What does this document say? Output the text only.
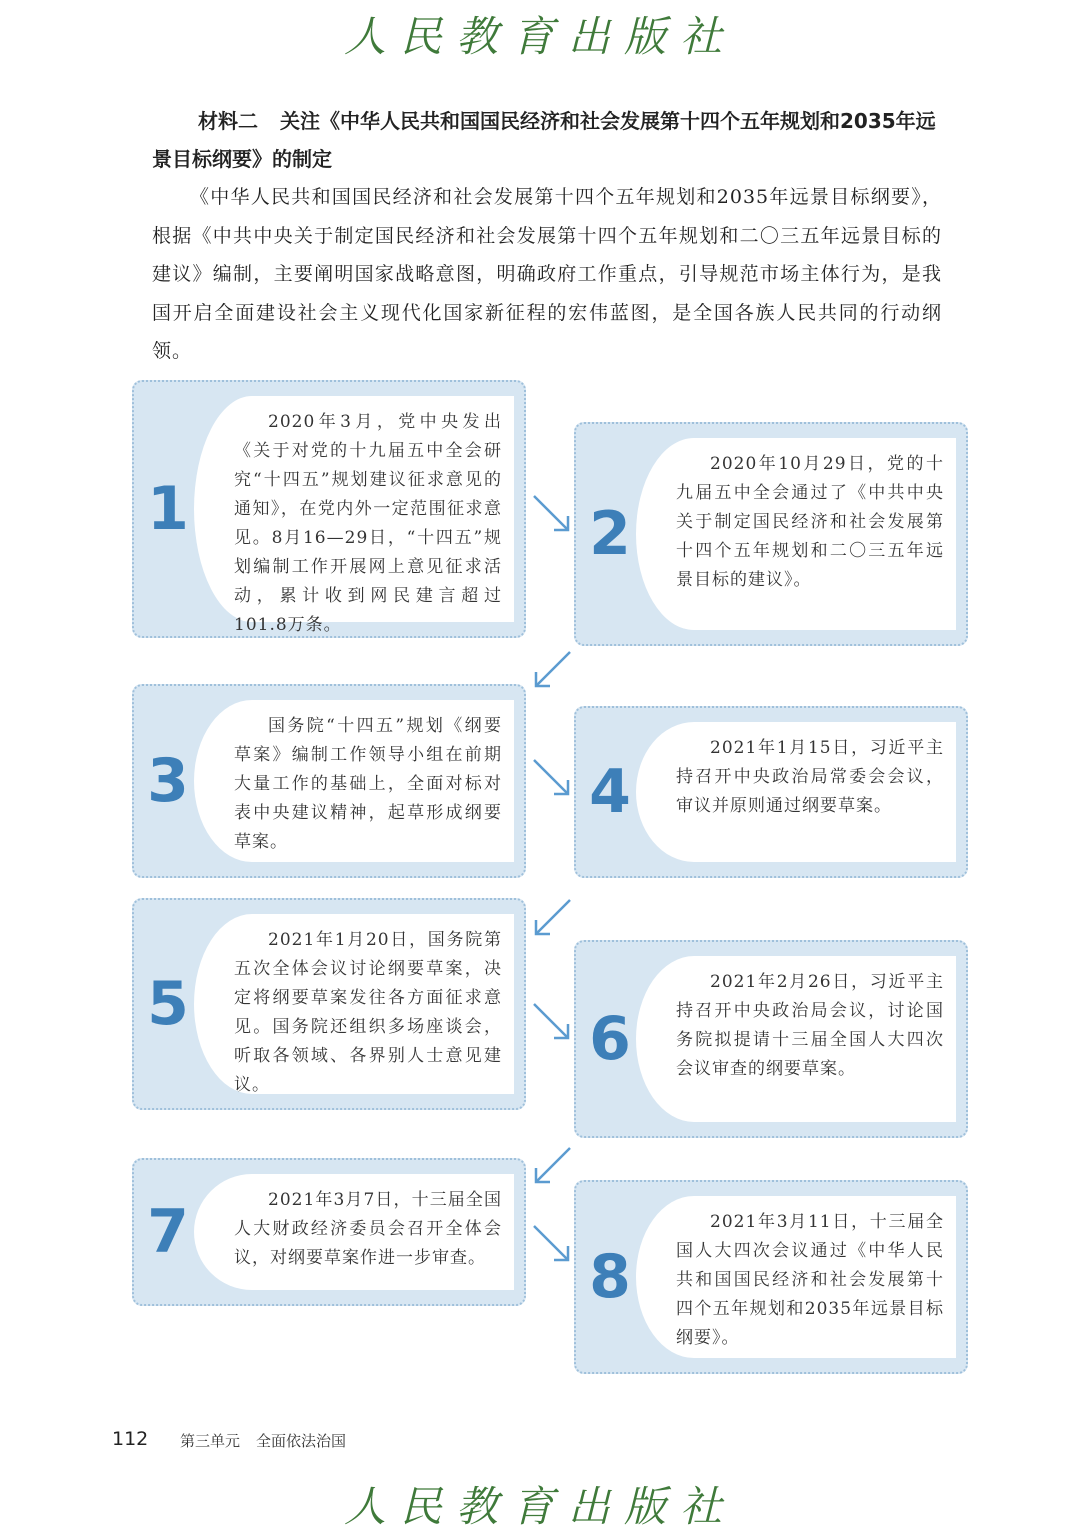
人民教育出版社
材料二 关注《中华人民共和国国民经济和社会发展第十四个五年规划和2035年远景目标纲要》的制定
《中华人民共和国国民经济和社会发展第十四个五年规划和2035年远景目标纲要》，根据《中共中央关于制定国民经济和社会发展第十四个五年规划和二〇三五年远景目标的建议》编制，主要阐明国家战略意图，明确政府工作重点，引导规范市场主体行为，是我国开启全面建设社会主义现代化国家新征程的宏伟蓝图，是全国各族人民共同的行动纲领。
1
2020年3月，党中央发出《关于对党的十九届五中全会研究“十四五”规划建议征求意见的通知》，在党内外一定范围征求意见。8月16—29日，“十四五”规划编制工作开展网上意见征求活动，累计收到网民建言超过101.8万条。
2
2020年10月29日，党的十九届五中全会通过了《中共中央关于制定国民经济和社会发展第十四个五年规划和二〇三五年远景目标的建议》。
3
国务院“十四五”规划《纲要草案》编制工作领导小组在前期大量工作的基础上，全面对标对表中央建议精神，起草形成纲要草案。
4
2021年1月15日，习近平主持召开中央政治局常委会会议，审议并原则通过纲要草案。
5
2021年1月20日，国务院第五次全体会议讨论纲要草案，决定将纲要草案发往各方面征求意见。国务院还组织多场座谈会，听取各领域、各界别人士意见建议。
6
2021年2月26日，习近平主持召开中央政治局会议，讨论国务院拟提请十三届全国人大四次会议审查的纲要草案。
7	2021年3月7日，十三届全国人大财政经济委员会召开全体会议，对纲要草案作进一步审查。 8
2021年3月11日，十三届全国人大四次会议通过《中华人民共和国国民经济和社会发展第十四个五年规划和2035年远景目标纲要》。
112 第三单元 全面依法治国
人民教育出版社
